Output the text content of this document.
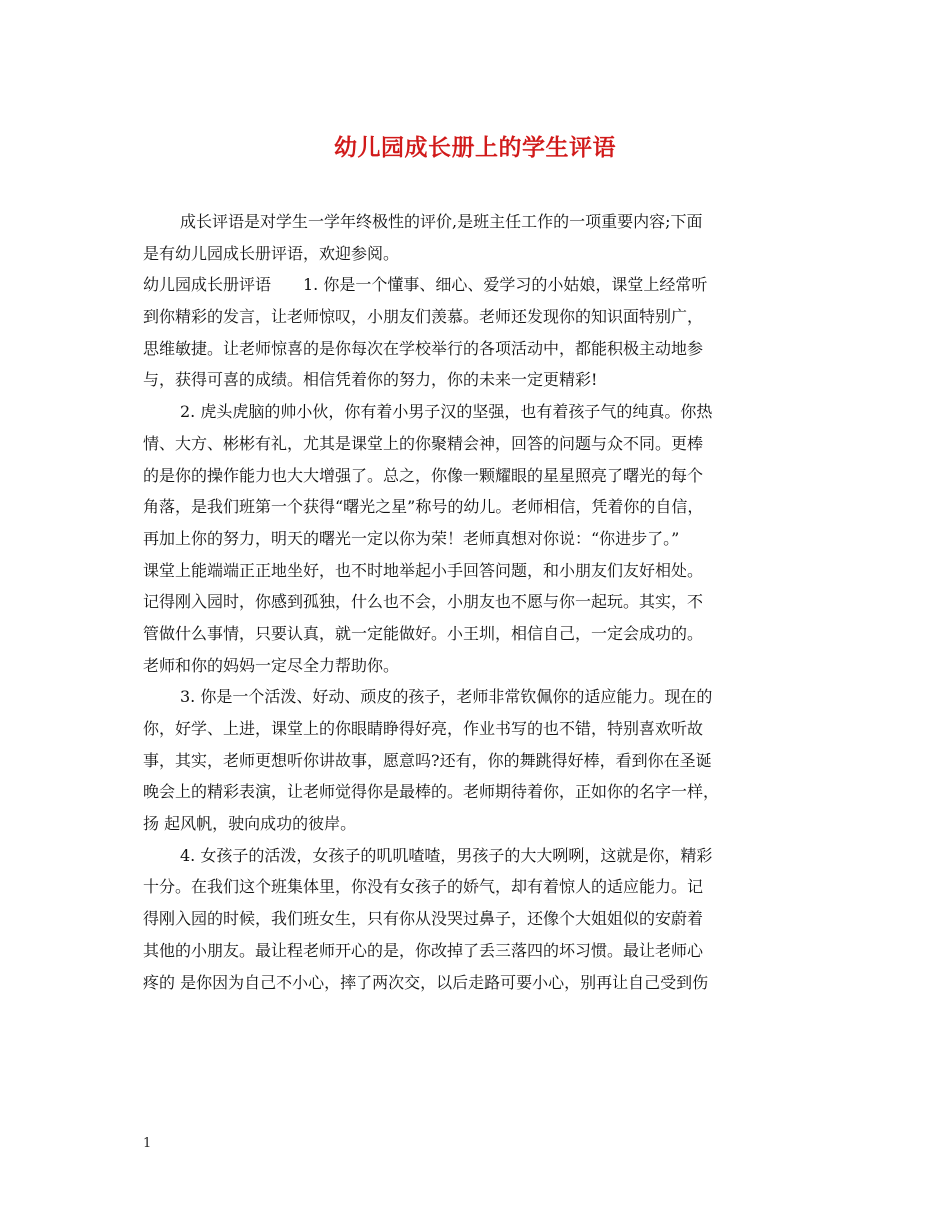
幼儿园成长册上的学生评语
成长评语是对学生一学年终极性的评价,是班主任工作的一项重要内容;下面
是有幼儿园成长册评语，欢迎参阅。
幼儿园成长册评语　　1. 你是一个懂事、细心、爱学习的小姑娘，课堂上经常听
到你精彩的发言，让老师惊叹，小朋友们羡慕。老师还发现你的知识面特别广，
思维敏捷。让老师惊喜的是你每次在学校举行的各项活动中，都能积极主动地参
与，获得可喜的成绩。相信凭着你的努力，你的未来一定更精彩!
2. 虎头虎脑的帅小伙，你有着小男子汉的坚强，也有着孩子气的纯真。你热
情、大方、彬彬有礼，尤其是课堂上的你聚精会神，回答的问题与众不同。更棒
的是你的操作能力也大大增强了。总之，你像一颗耀眼的星星照亮了曙光的每个
角落，是我们班第一个获得“曙光之星”称号的幼儿。老师相信，凭着你的自信，
再加上你的努力，明天的曙光一定以你为荣！老师真想对你说：“你进步了。”
课堂上能端端正正地坐好，也不时地举起小手回答问题，和小朋友们友好相处。
记得刚入园时，你感到孤独，什么也不会，小朋友也不愿与你一起玩。其实，不
管做什么事情，只要认真，就一定能做好。小王圳，相信自己，一定会成功的。
老师和你的妈妈一定尽全力帮助你。
3. 你是一个活泼、好动、顽皮的孩子，老师非常钦佩你的适应能力。现在的
你，好学、上进，课堂上的你眼睛睁得好亮，作业书写的也不错，特别喜欢听故
事，其实，老师更想听你讲故事，愿意吗?还有，你的舞跳得好棒，看到你在圣诞
晚会上的精彩表演，让老师觉得你是最棒的。老师期待着你，正如你的名字一样，
扬 起风帆，驶向成功的彼岸。
4. 女孩子的活泼，女孩子的叽叽喳喳，男孩子的大大咧咧，这就是你，精彩
十分。在我们这个班集体里，你没有女孩子的娇气，却有着惊人的适应能力。记
得刚入园的时候，我们班女生，只有你从没哭过鼻子，还像个大姐姐似的安蔚着
其他的小朋友。最让程老师开心的是，你改掉了丢三落四的坏习惯。最让老师心
疼的 是你因为自己不小心，摔了两次交，以后走路可要小心，别再让自己受到伤
1
